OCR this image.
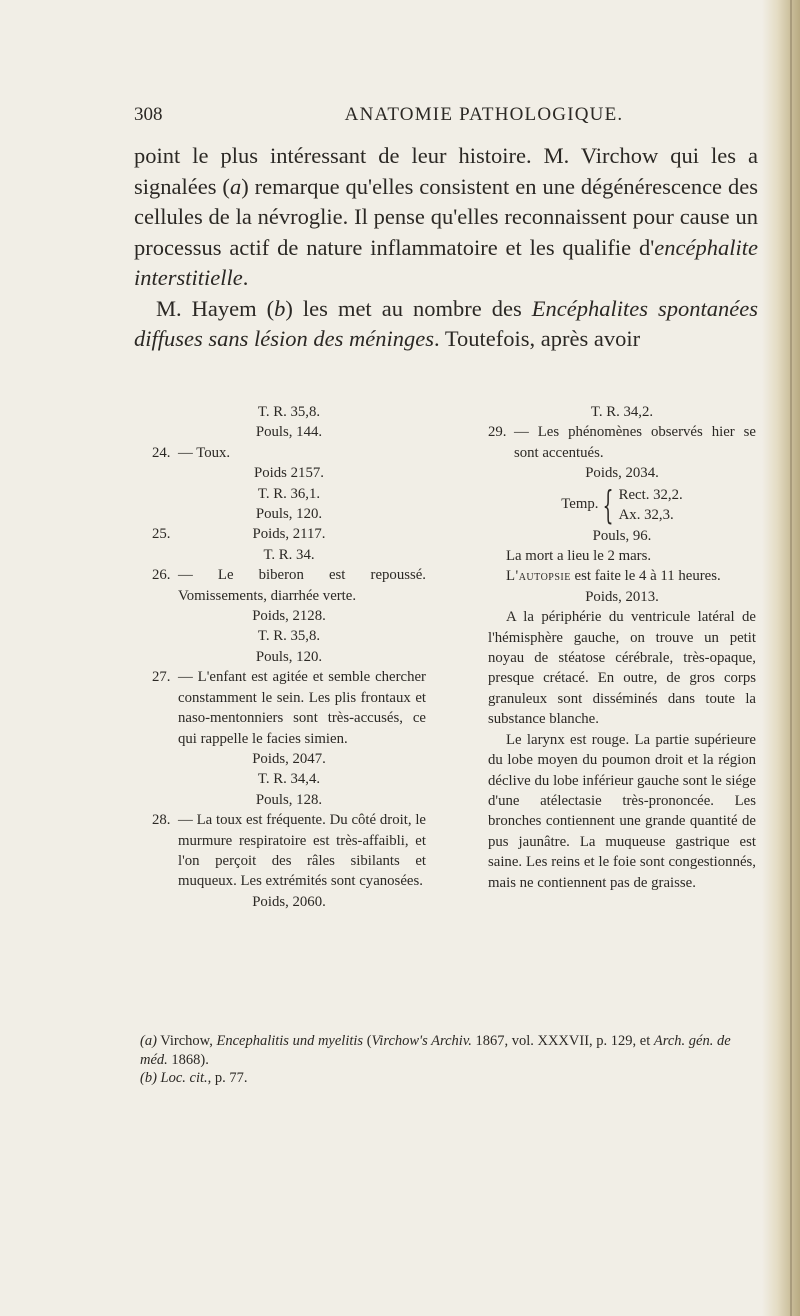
308	ANATOMIE PATHOLOGIQUE.

point le plus intéressant de leur histoire. M. Virchow qui les a signalées (a) remarque qu'elles consistent en une dégénérescence des cellules de la névroglie. Il pense qu'elles reconnaissent pour cause un processus actif de nature inflammatoire et les qualifie d'encéphalite interstitielle.

M. Hayem (b) les met au nombre des Encéphalites spontanées diffuses sans lésion des méninges. Toutefois, après avoir

T. R. 35,8.

Pouls, 144.

24. — Toux.

Poids 2157.

T. R. 36,1.

Pouls, 120.

25.	Poids, 2117.

T. R. 34.

26. — Le biberon est repoussé. Vomissements, diarrhée verte.

Poids, 2128.

T. R. 35,8.

Pouls, 120.

27. — L'enfant est agitée et semble chercher constamment le sein. Les plis frontaux et naso-mentonniers sont très-accusés, ce qui rappelle le facies simien.

Poids, 2047.

T. R. 34,4.

Pouls, 128.

28. — La toux est fréquente. Du côté droit, le murmure respiratoire est très-affaibli, et l'on perçoit des râles sibilants et muqueux. Les extrémités sont cyanosées.

Poids, 2060.

T. R. 34,2.

29. — Les phénomènes observés hier se sont accentués.

Poids, 2034.

Temp. { Rect. 32,2.
Ax. 32,3.

Pouls, 96.

La mort a lieu le 2 mars.

L'autopsie est faite le 4 à 11 heures.

Poids, 2013.

A la périphérie du ventricule latéral de l'hémisphère gauche, on trouve un petit noyau de stéatose cérébrale, très-opaque, presque crétacé. En outre, de gros corps granuleux sont disséminés dans toute la substance blanche.

Le larynx est rouge. La partie supérieure du lobe moyen du poumon droit et la région déclive du lobe inférieur gauche sont le siége d'une atélectasie très-prononcée. Les bronches contiennent une grande quantité de pus jaunâtre. La muqueuse gastrique est saine. Les reins et le foie sont congestionnés, mais ne contiennent pas de graisse.

(a) Virchow, Encephalitis und myelitis (Virchow's Archiv. 1867, vol. XXXVII, p. 129, et Arch. gén. de méd. 1868).

(b) Loc. cit., p. 77.
